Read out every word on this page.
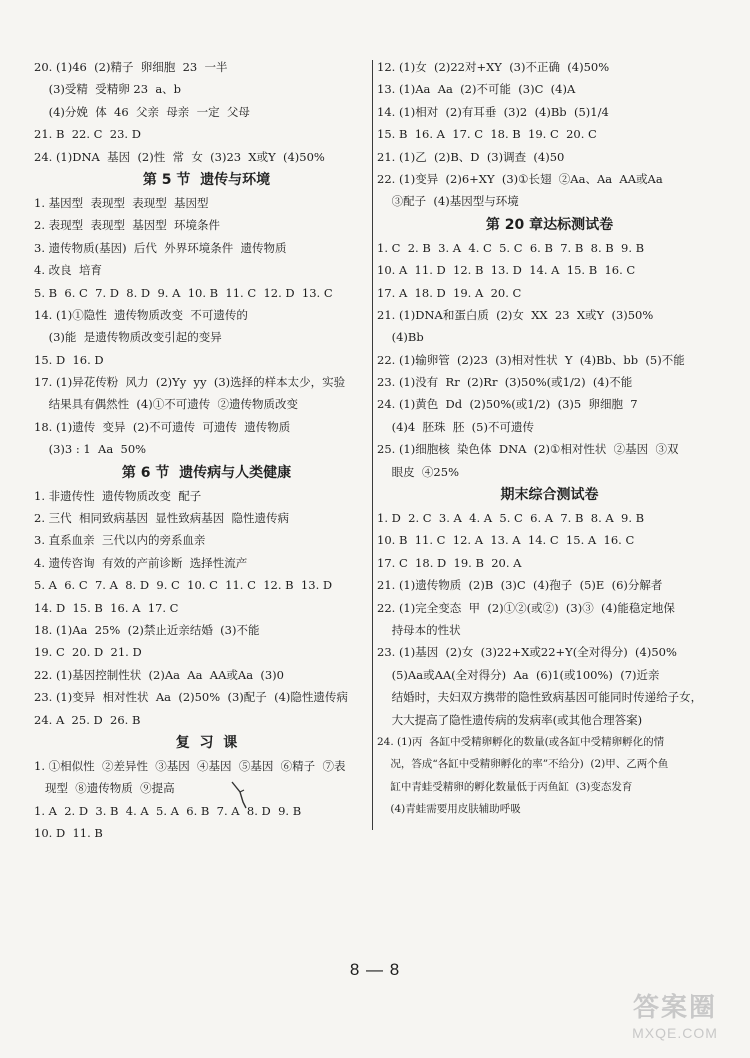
20. (1)46  (2)精子  卵细胞  23  一半
(3)受精  受精卵 23  a、b
(4)分娩  体  46  父亲  母亲  一定  父母
21. B  22. C  23. D
24. (1)DNA  基因  (2)性  常  女  (3)23  X或Y  (4)50%
第 5 节  遗传与环境
1. 基因型  表现型  表现型  基因型
2. 表现型  表现型  基因型  环境条件
3. 遗传物质(基因)  后代  外界环境条件  遗传物质
4. 改良  培育
5. B  6. C  7. D  8. D  9. A  10. B  11. C  12. D  13. C
14. (1)①隐性  遗传物质改变  不可遗传的
(3)能  是遗传物质改变引起的变异
15. D  16. D
17. (1)异花传粉  风力  (2)Yy  yy  (3)选择的样本太少，实验
结果具有偶然性  (4)①不可遗传  ②遗传物质改变
18. (1)遗传  变异  (2)不可遗传  可遗传  遗传物质
(3)3 : 1  Aa  50%
第 6 节  遗传病与人类健康
1. 非遗传性  遗传物质改变  配子
2. 三代  相同致病基因  显性致病基因  隐性遗传病
3. 直系血亲  三代以内的旁系血亲
4. 遗传咨询  有效的产前诊断  选择性流产
5. A  6. C  7. A  8. D  9. C  10. C  11. C  12. B  13. D
14. D  15. B  16. A  17. C
18. (1)Aa  25%  (2)禁止近亲结婚  (3)不能
19. C  20. D  21. D
22. (1)基因控制性状  (2)Aa  Aa  AA或Aa  (3)0
23. (1)变异  相对性状  Aa  (2)50%  (3)配子  (4)隐性遗传病
24. A  25. D  26. B
复  习  课
1. ①相似性  ②差异性  ③基因  ④基因  ⑤基因  ⑥精子  ⑦表
现型  ⑧遗传物质  ⑨提高
1. A  2. D  3. B  4. A  5. A  6. B  7. A  8. D  9. B
10. D  11. B
12. (1)女  (2)22对+XY  (3)不正确  (4)50%
13. (1)Aa  Aa  (2)不可能  (3)C  (4)A
14. (1)相对  (2)有耳垂  (3)2  (4)Bb  (5)1/4
15. B  16. A  17. C  18. B  19. C  20. C
21. (1)乙  (2)B、D  (3)调查  (4)50
22. (1)变异  (2)6+XY  (3)①长翅  ②Aa、Aa  AA或Aa
③配子  (4)基因型与环境
第 20 章达标测试卷
1. C  2. B  3. A  4. C  5. C  6. B  7. B  8. B  9. B
10. A  11. D  12. B  13. D  14. A  15. B  16. C
17. A  18. D  19. A  20. C
21. (1)DNA和蛋白质  (2)女  XX  23  X或Y  (3)50%
(4)Bb
22. (1)输卵管  (2)23  (3)相对性状  Y  (4)Bb、bb  (5)不能
23. (1)没有  Rr  (2)Rr  (3)50%(或1/2)  (4)不能
24. (1)黄色  Dd  (2)50%(或1/2)  (3)5  卵细胞  7
(4)4  胚珠  胚  (5)不可遗传
25. (1)细胞核  染色体  DNA  (2)①相对性状  ②基因  ③双
眼皮  ④25%
期末综合测试卷
1. D  2. C  3. A  4. A  5. C  6. A  7. B  8. A  9. B
10. B  11. C  12. A  13. A  14. C  15. A  16. C
17. C  18. D  19. B  20. A
21. (1)遗传物质  (2)B  (3)C  (4)孢子  (5)E  (6)分解者
22. (1)完全变态  甲  (2)①②(或②)  (3)③  (4)能稳定地保
持母本的性状
23. (1)基因  (2)女  (3)22+X或22+Y(全对得分)  (4)50%
(5)Aa或AA(全对得分)  Aa  (6)1(或100%)  (7)近亲
结婚时，夫妇双方携带的隐性致病基因可能同时传递给子女，
大大提高了隐性遗传病的发病率(或其他合理答案)
24. (1)丙  各缸中受精卵孵化的数量(或各缸中受精卵孵化的情
况，答成“各缸中受精卵孵化的率”不给分)  (2)甲、乙两个鱼
缸中青蛙受精卵的孵化数量低于丙鱼缸  (3)变态发育
(4)青蛙需要用皮肤辅助呼吸
8 — 8
答案圈
MXQE.COM
